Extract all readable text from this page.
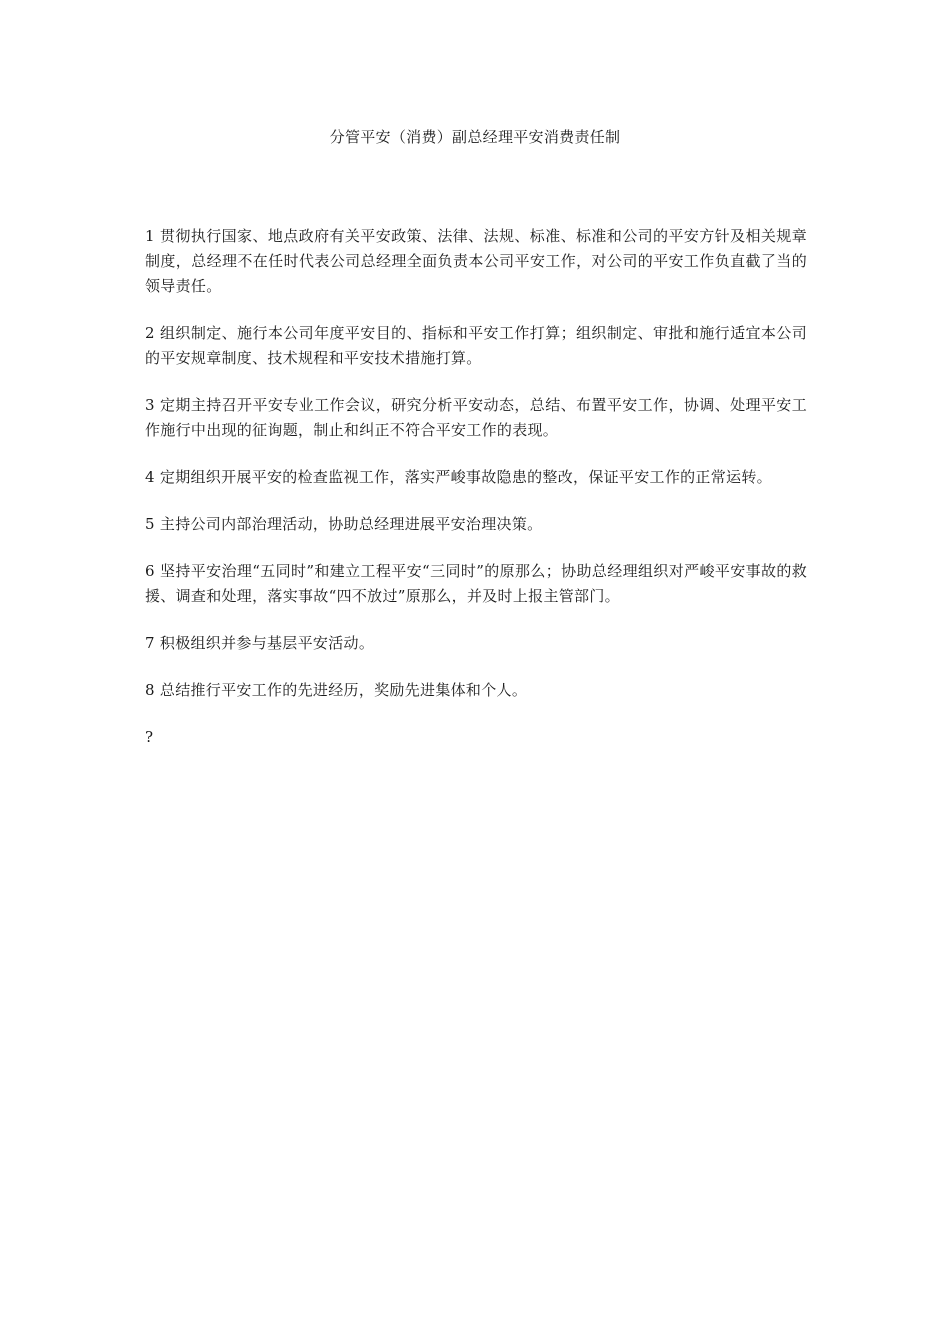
分管平安（消费）副总经理平安消费责任制

1 贯彻执行国家、地点政府有关平安政策、法律、法规、标准、标准和公司的平安方针及相关规章制度，总经理不在任时代表公司总经理全面负责本公司平安工作，对公司的平安工作负直截了当的领导责任。

2 组织制定、施行本公司年度平安目的、指标和平安工作打算；组织制定、审批和施行适宜本公司的平安规章制度、技术规程和平安技术措施打算。

3 定期主持召开平安专业工作会议，研究分析平安动态，总结、布置平安工作，协调、处理平安工作施行中出现的征询题，制止和纠正不符合平安工作的表现。

4 定期组织开展平安的检查监视工作，落实严峻事故隐患的整改，保证平安工作的正常运转。

5 主持公司内部治理活动，协助总经理进展平安治理决策。

6 坚持平安治理“五同时”和建立工程平安“三同时”的原那么；协助总经理组织对严峻平安事故的救援、调查和处理，落实事故“四不放过”原那么，并及时上报主管部门。

7 积极组织并参与基层平安活动。

8 总结推行平安工作的先进经历，奖励先进集体和个人。

?
